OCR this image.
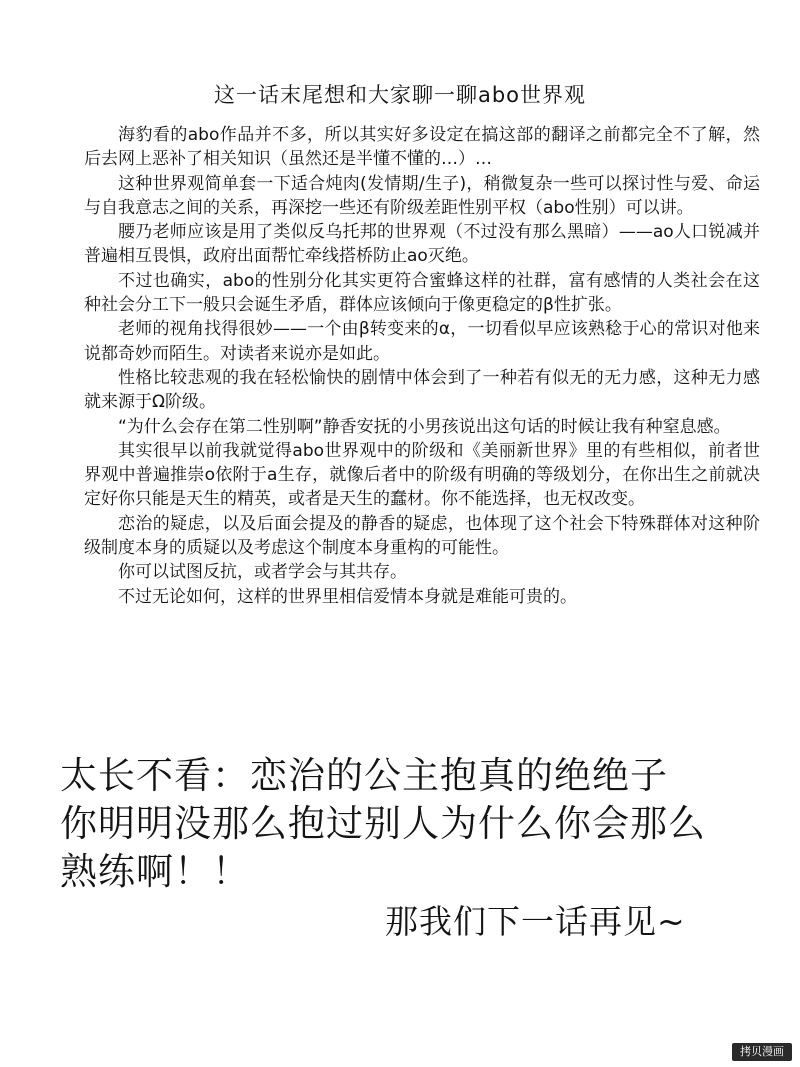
这一话末尾想和大家聊一聊abo世界观

海豹看的abo作品并不多，所以其实好多设定在搞这部的翻译之前都完全不了解，然后去网上恶补了相关知识（虽然还是半懂不懂的…）…

这种世界观简单套一下适合炖肉(发情期/生子)，稍微复杂一些可以探讨性与爱、命运与自我意志之间的关系，再深挖一些还有阶级差距性别平权（abo性别）可以讲。

腰乃老师应该是用了类似反乌托邦的世界观（不过没有那么黑暗）——ao人口锐减并普遍相互畏惧，政府出面帮忙牵线搭桥防止ao灭绝。

不过也确实，abo的性别分化其实更符合蜜蜂这样的社群，富有感情的人类社会在这种社会分工下一般只会诞生矛盾，群体应该倾向于像更稳定的β性扩张。

老师的视角找得很妙——一个由β转变来的α，一切看似早应该熟稔于心的常识对他来说都奇妙而陌生。对读者来说亦是如此。

性格比较悲观的我在轻松愉快的剧情中体会到了一种若有似无的无力感，这种无力感就来源于Ω阶级。

“为什么会存在第二性别啊”静香安抚的小男孩说出这句话的时候让我有种窒息感。

其实很早以前我就觉得abo世界观中的阶级和《美丽新世界》里的有些相似，前者世界观中普遍推崇o依附于a生存，就像后者中的阶级有明确的等级划分，在你出生之前就决定好你只能是天生的精英，或者是天生的蠢材。你不能选择，也无权改变。

恋治的疑虑，以及后面会提及的静香的疑虑，也体现了这个社会下特殊群体对这种阶级制度本身的质疑以及考虑这个制度本身重构的可能性。

你可以试图反抗，或者学会与其共存。

不过无论如何，这样的世界里相信爱情本身就是难能可贵的。

太长不看：恋治的公主抱真的绝绝子
你明明没那么抱过别人为什么你会那么
熟练啊！！
那我们下一话再见~
拷贝漫画
